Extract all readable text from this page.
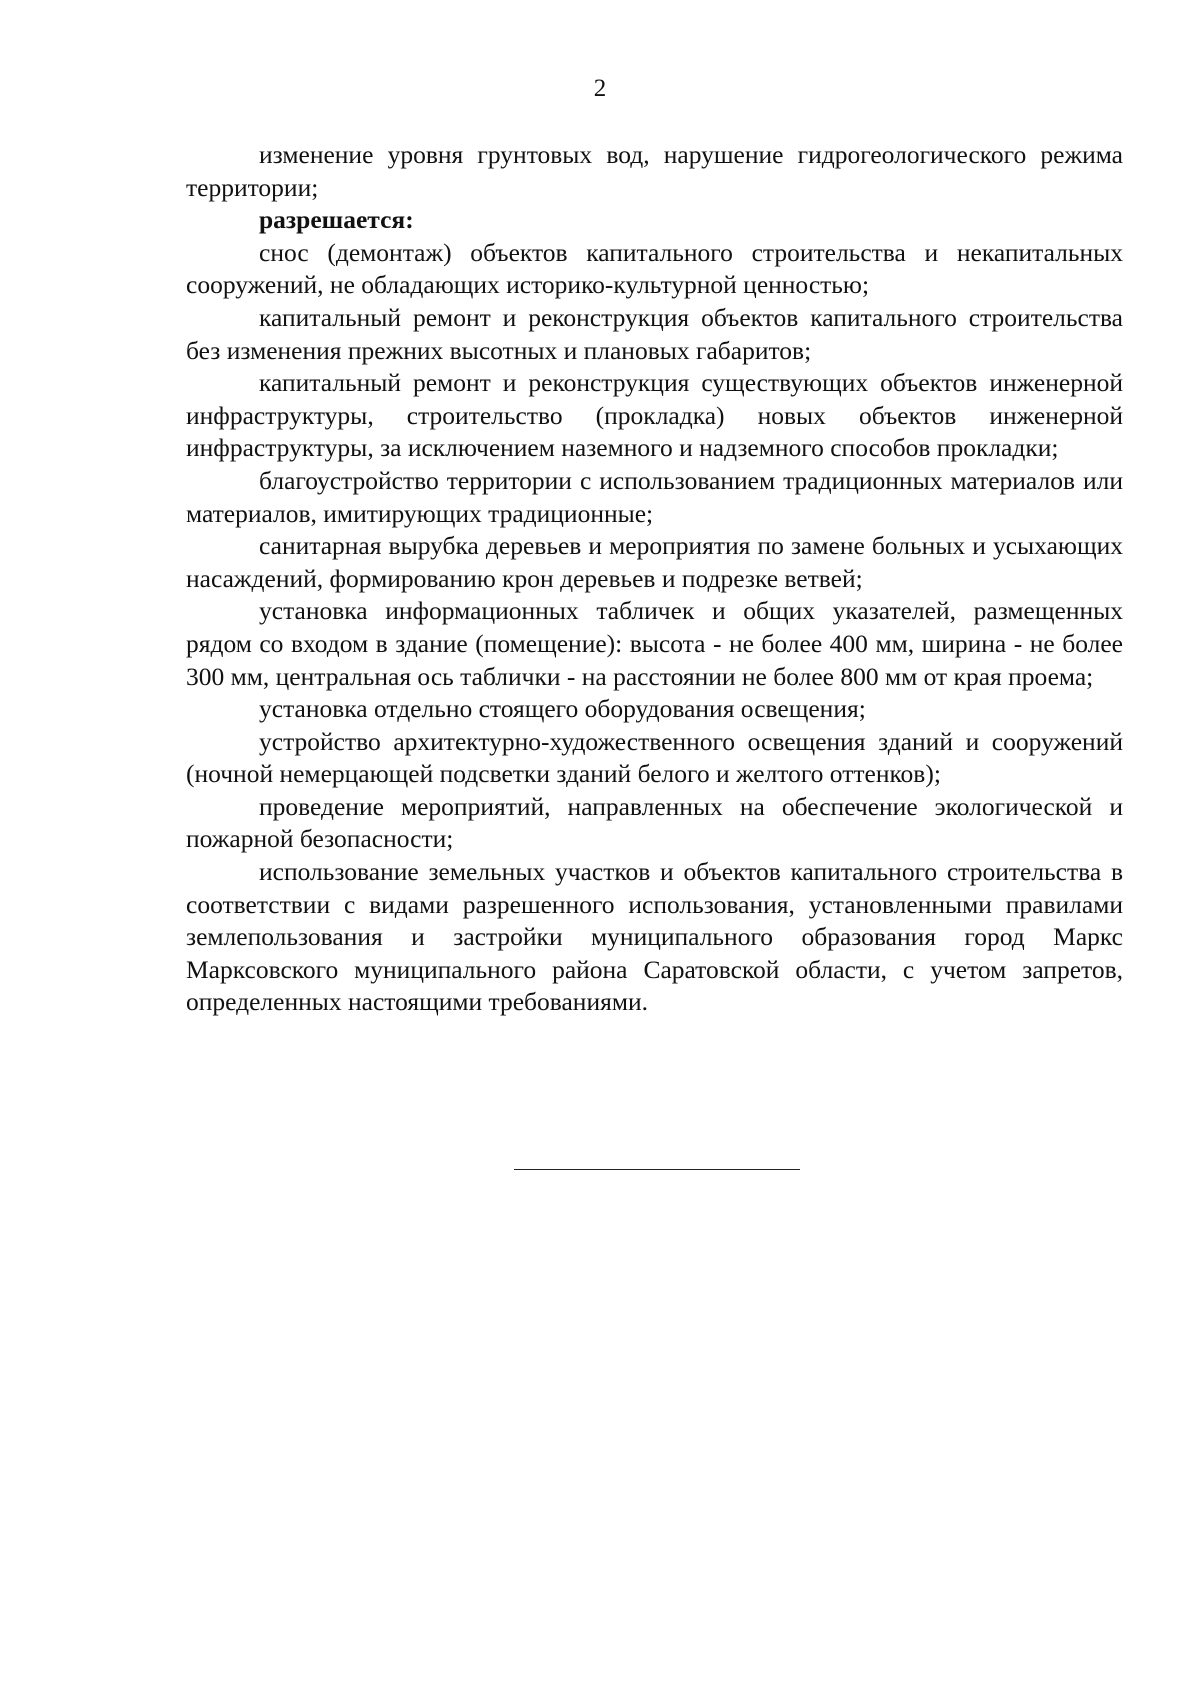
2

изменение уровня грунтовых вод, нарушение гидрогеологического режима территории;

разрешается:

снос (демонтаж) объектов капитального строительства и некапитальных сооружений, не обладающих историко-культурной ценностью;

капитальный ремонт и реконструкция объектов капитального строительства без изменения прежних высотных и плановых габаритов;

капитальный ремонт и реконструкция существующих объектов инженерной инфраструктуры, строительство (прокладка) новых объектов инженерной инфраструктуры, за исключением наземного и надземного способов прокладки;

благоустройство территории с использованием традиционных материалов или материалов, имитирующих традиционные;

санитарная вырубка деревьев и мероприятия по замене больных и усыхающих насаждений, формированию крон деревьев и подрезке ветвей;

установка информационных табличек и общих указателей, размещенных рядом со входом в здание (помещение): высота - не более 400 мм, ширина - не более 300 мм, центральная ось таблички - на расстоянии не более 800 мм от края проема;

установка отдельно стоящего оборудования освещения;

устройство архитектурно-художественного освещения зданий и сооружений (ночной немерцающей подсветки зданий белого и желтого оттенков);

проведение мероприятий, направленных на обеспечение экологической и пожарной безопасности;

использование земельных участков и объектов капитального строительства в соответствии с видами разрешенного использования, установленными правилами землепользования и застройки муниципального образования город Маркс Марксовского муниципального района Саратовской области, с учетом запретов, определенных настоящими требованиями.
